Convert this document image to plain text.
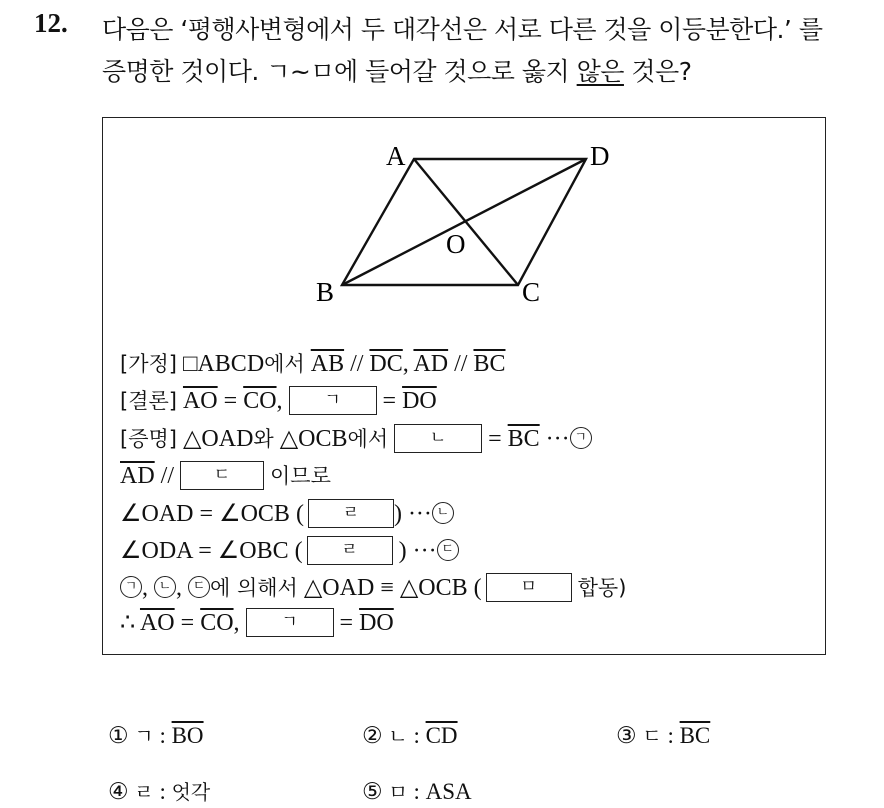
12. 다음은 ‘평행사변형에서 두 대각선은 서로 다른 것을 이등분한다.’ 를
증명한 것이다. ㄱ~ㅁ에 들어갈 것으로 옳지 않은 것은?
A	D
O
B	C
[가정] □ABCD에서 $\overline{AB} // \overline{DC}$, $\overline{AD} // \overline{BC}$
[결론] $\overline{AO} = \overline{CO}$, ㄱ = $\overline{DO}$
[증명] △OAD와 △OCB에서 ㄴ = $\overline{BC}$ ··· ㄱ
$\overline{AD}$ // ㄷ 이므로
∠OAD = ∠OCB ( ㄹ ) ··· ㄴ
∠ODA = ∠OBC ( ㄹ ) ··· ㄷ
ㄱ , ㄴ , ㄷ 에 의해서 △OAD ≡ △OCB ( ㅁ 합동)
∴ $\overline{AO} = \overline{CO}$, ㄱ = $\overline{DO}$
① ㄱ : $\overline{BO}$	② ㄴ : $\overline{CD}$	③ ㄷ : $\overline{BC}$
④ ㄹ : 엇각	⑤ ㅁ : ASA
